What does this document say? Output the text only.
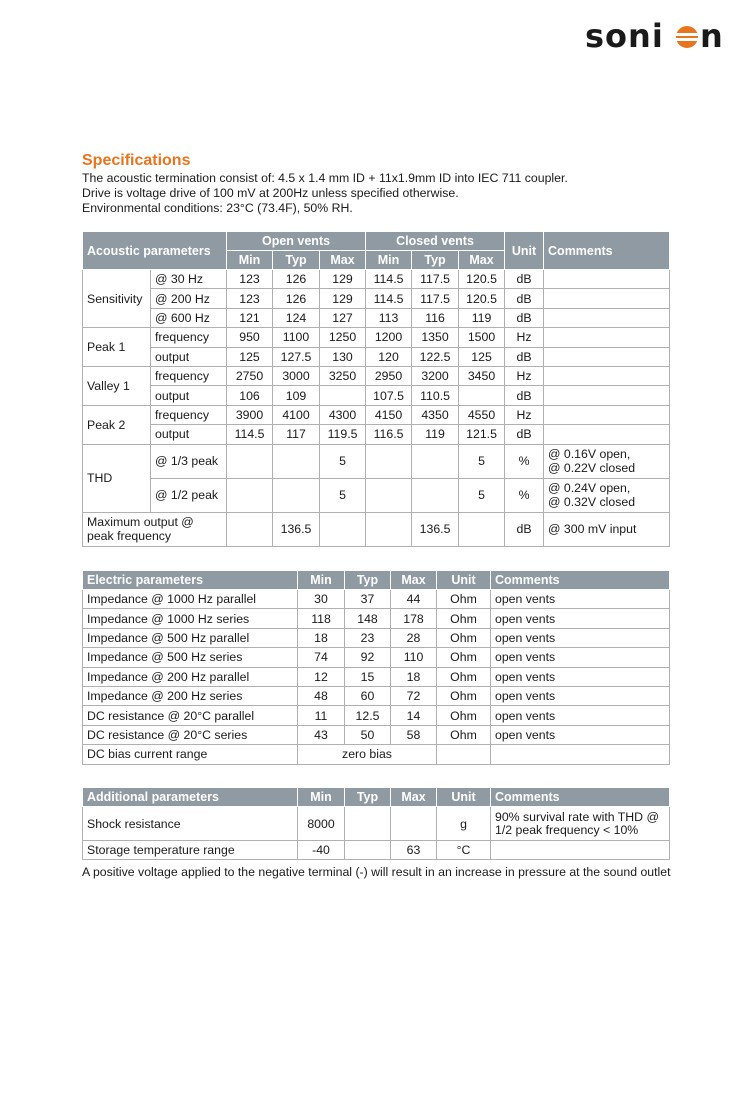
soni n
Specifications
The acoustic termination consist of: 4.5 x 1.4 mm ID + 11x1.9mm ID into IEC 711 coupler.
Drive is voltage drive of 100 mV at 200Hz unless specified otherwise.
Environmental conditions: 23°C (73.4F), 50% RH.
Acoustic parameters		Open vents			Closed vents			Unit	Comments
		Min	Typ	Max	Min	Typ	Max		
Sensitivity	@ 30 Hz	123	126	129	114.5	117.5	120.5	dB	
	@ 200 Hz	123	126	129	114.5	117.5	120.5	dB	
	@ 600 Hz	121	124	127	113	116	119	dB	
Peak 1	frequency	950	1100	1250	1200	1350	1500	Hz	
	output	125	127.5	130	120	122.5	125	dB	
Valley 1	frequency	2750	3000	3250	2950	3200	3450	Hz	
	output	106	109		107.5	110.5		dB	
Peak 2	frequency	3900	4100	4300	4150	4350	4550	Hz	
	output	114.5	117	119.5	116.5	119	121.5	dB	
THD	@ 1/3 peak			5			5	%	@ 0.16V open,
@ 0.22V closed
	@ 1/2 peak			5			5	%	@ 0.24V open,
@ 0.32V closed
Maximum output @
peak frequency			136.5			136.5		dB	@ 300 mV input
Electric parameters	Min	Typ	Max	Unit	Comments
Impedance @ 1000 Hz parallel	30	37	44	Ohm	open vents
Impedance @ 1000 Hz series	118	148	178	Ohm	open vents
Impedance @ 500 Hz parallel	18	23	28	Ohm	open vents
Impedance @ 500 Hz series	74	92	110	Ohm	open vents
Impedance @ 200 Hz parallel	12	15	18	Ohm	open vents
Impedance @ 200 Hz series	48	60	72	Ohm	open vents
DC resistance @ 20°C parallel	11	12.5	14	Ohm	open vents
DC resistance @ 20°C series	43	50	58	Ohm	open vents
DC bias current range	zero bias				
Additional parameters	Min	Typ	Max	Unit	Comments
Shock resistance	8000			g	90% survival rate with THD @
1/2 peak frequency < 10%
Storage temperature range	-40		63	°C	
A positive voltage applied to the negative terminal (-) will result in an increase in pressure at the sound outlet
